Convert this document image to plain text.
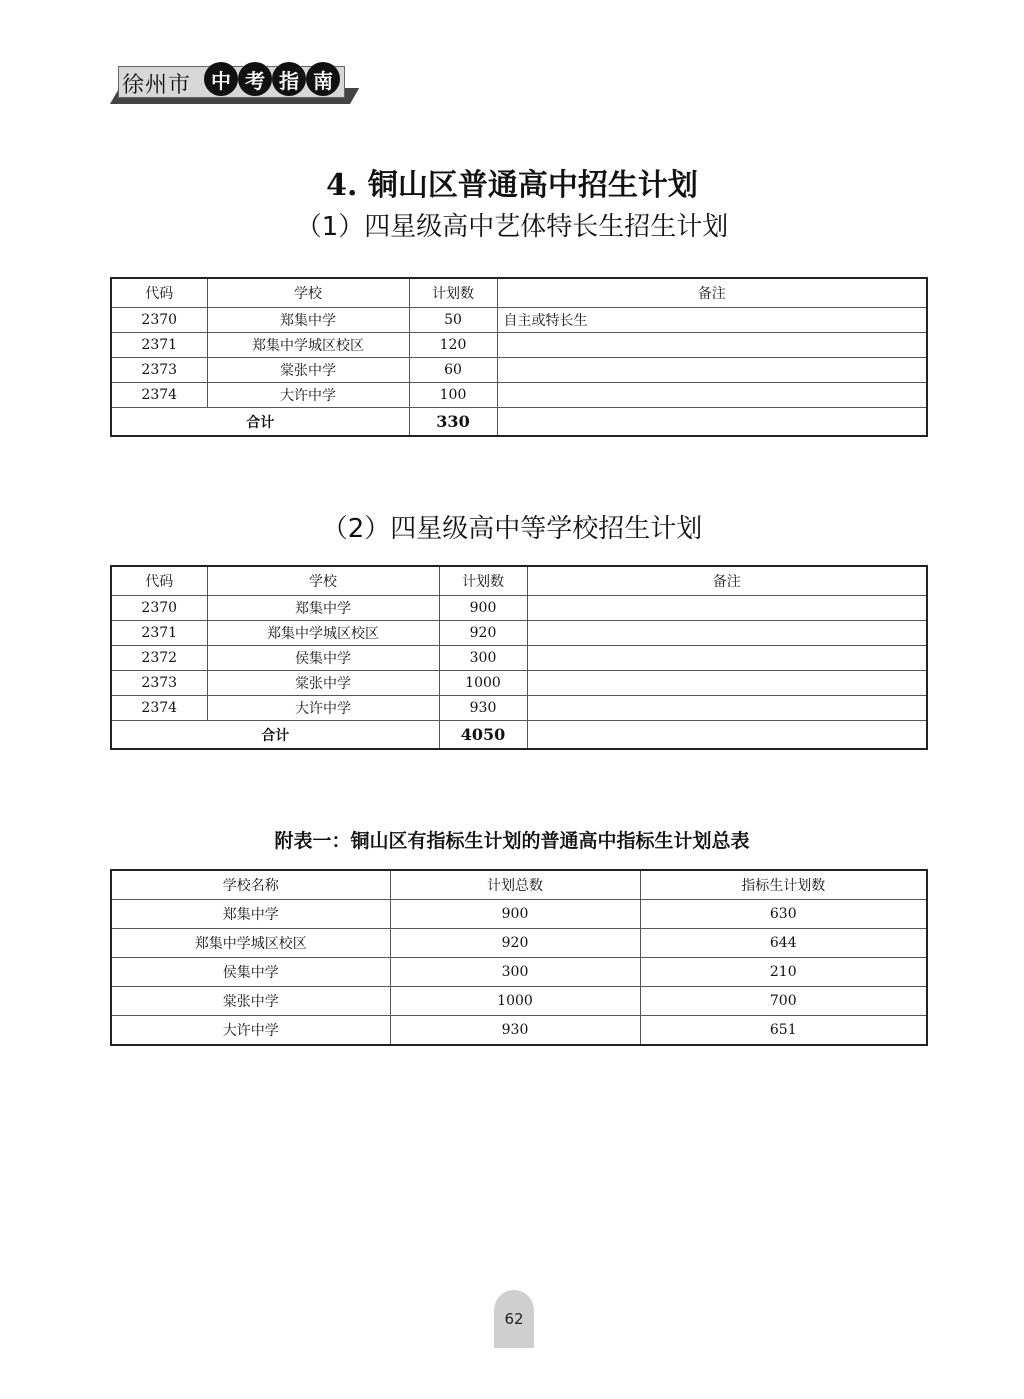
徐州市 中 考 指 南
4. 铜山区普通高中招生计划
（1）四星级高中艺体特长生招生计划
代码	学校	计划数	备注
2370	郑集中学	50	自主或特长生
2371	郑集中学城区校区	120	
2373	棠张中学	60	
2374	大许中学	100	
合计		330	
（2）四星级高中等学校招生计划
代码	学校	计划数	备注
2370	郑集中学	900	
2371	郑集中学城区校区	920	
2372	侯集中学	300	
2373	棠张中学	1000	
2374	大许中学	930	
合计		4050	
附表一：铜山区有指标生计划的普通高中指标生计划总表
学校名称	计划总数	指标生计划数
郑集中学	900	630
郑集中学城区校区	920	644
侯集中学	300	210
棠张中学	1000	700
大许中学	930	651
62
